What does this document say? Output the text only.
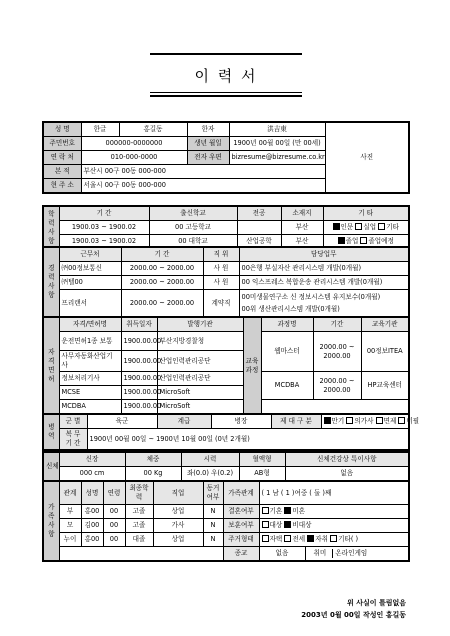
이 력 서
성 명	한글	홍길동	한자	洪吉東	사진
주민번호	000000-0000000		생년 월일	1900년 00월 00일 (만 00세)	
연 락 처	010-000-0000		전자 우편	bizresume@bizresume.co.kr	
본 적	부산시 00구 00동 000-000				
현 주 소	서울시 00구 00동 000-000				
학력사항	기 간	출신학교	전공	소재지	기 타
	1900.03 ~ 1900.02	00 고등학교		부산	인문 실업 기타
	1900.03 ~ 1900.02	00 대학교	산업공학	부산	졸업 졸업예정
경력사항	근무처	기 간	직 위	담당업무
	㈜00정보통신	2000.00 ~ 2000.00	사 원	00은행 부실자산 관리시스템 개발(0개월)
	㈜텔00	2000.00 ~ 2000.00	사 원	00 익스프레스 복합운송 관리시스템 개발(0개월)
	프리랜서	2000.00 ~ 2000.00	계약직	00미생물연구소 신 정보시스템 유지보수(0개월)
00위 생산관리시스템 개발(0개월)
자격면허	자격/면허명	취득일자	발행기관	교육과정	과정명	기간	교육기관
	운전면허1종 보통	1900.00.00	부산지방경찰청		웹마스터	2000.00 ~ 2000.00	00정보ITEA
	사무자동화산업기사	1900.00.00	산업인력관리공단				
	정보처리기사	1900.00.00	산업인력관리공단		MCDBA	2000.00 ~ 2000.00	HP교육센터
	MCSE	1900.00.00	MicroSoft				
	MCDBA	1900.00.00	MicroSoft				
병역	군 별	육군	계급	병장	제 대 구 분	만기 의가사 면제 미필
	복 무 기 간	1900년 00월 00일 ~ 1900년 10월 00일 (0년 2개월)				
신체	신장	체중	시력	혈액형	신체건강상 특이사항
	000 cm	00 Kg	좌(0.0) 우(0.2)	AB형	없음
가족사항	관계	성명	연령	최종학력	직업	동거여부	가족관계	( 1 남 ( 1 )여중 ( 둘 )째	
	부	홍00	00	고졸	상업	N	결혼여부	기혼 미혼	
	모	김00	00	고졸	가사	N	보훈여부	대상 비대상	
	누이	홍00	00	대졸	상업	N	주거형태	자택 전세 자취 기타( )	
							종교	없음	취미 온라인게임
위 사실이 틀림없음
2003년 0월 00일 작성인 홍길동
